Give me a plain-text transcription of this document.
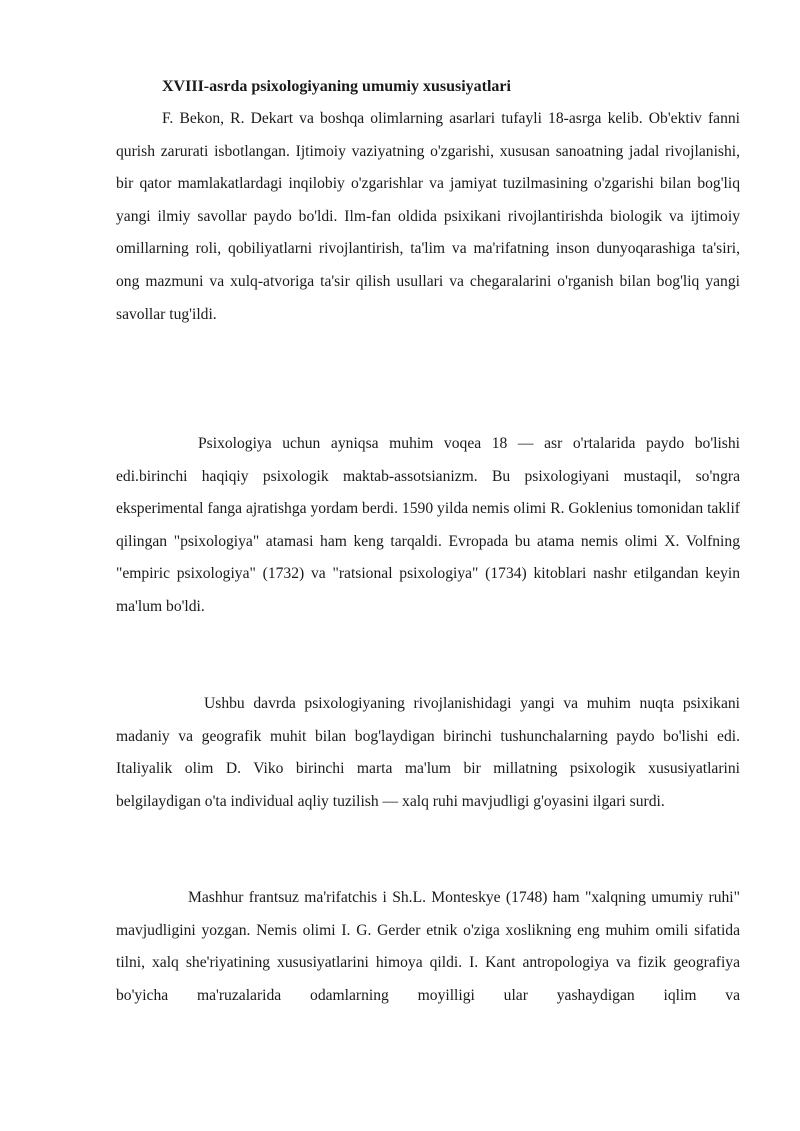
XVIII-asrda psixologiyaning umumiy xususiyatlari

F. Bekon, R. Dekart va boshqa olimlarning asarlari tufayli 18-asrga kelib. Ob'ektiv fanni qurish zarurati isbotlangan. Ijtimoiy vaziyatning o'zgarishi, xususan sanoatning jadal rivojlanishi, bir qator mamlakatlardagi inqilobiy o'zgarishlar va jamiyat tuzilmasining o'zgarishi bilan bog'liq yangi ilmiy savollar paydo bo'ldi. Ilm-fan oldida psixikani rivojlantirishda biologik va ijtimoiy omillarning roli, qobiliyatlarni rivojlantirish, ta'lim va ma'rifatning inson dunyoqarashiga ta'siri, ong mazmuni va xulq-atvoriga ta'sir qilish usullari va chegaralarini o'rganish bilan bog'liq yangi savollar tug'ildi.

Psixologiya uchun ayniqsa muhim voqea 18 — asr o'rtalarida paydo bo'lishi edi.birinchi haqiqiy psixologik maktab-assotsianizm. Bu psixologiyani mustaqil, so'ngra eksperimental fanga ajratishga yordam berdi. 1590 yilda nemis olimi R. Goklenius tomonidan taklif qilingan "psixologiya" atamasi ham keng tarqaldi. Evropada bu atama nemis olimi X. Volfning "empiric psixologiya" (1732) va "ratsional psixologiya" (1734) kitoblari nashr etilgandan keyin ma'lum bo'ldi.

Ushbu davrda psixologiyaning rivojlanishidagi yangi va muhim nuqta psixikani madaniy va geografik muhit bilan bog'laydigan birinchi tushunchalarning paydo bo'lishi edi. Italiyalik olim D. Viko birinchi marta ma'lum bir millatning psixologik xususiyatlarini belgilaydigan o'ta individual aqliy tuzilish — xalq ruhi mavjudligi g'oyasini ilgari surdi.

Mashhur frantsuz ma'rifatchis i Sh.L. Monteskye (1748) ham "xalqning umumiy ruhi" mavjudligini yozgan. Nemis olimi I. G. Gerder etnik o'ziga xoslikning eng muhim omili sifatida tilni, xalq she'riyatining xususiyatlarini himoya qildi. I. Kant antropologiya va fizik geografiya bo'yicha ma'ruzalarida odamlarning moyilligi ular yashaydigan iqlim va
